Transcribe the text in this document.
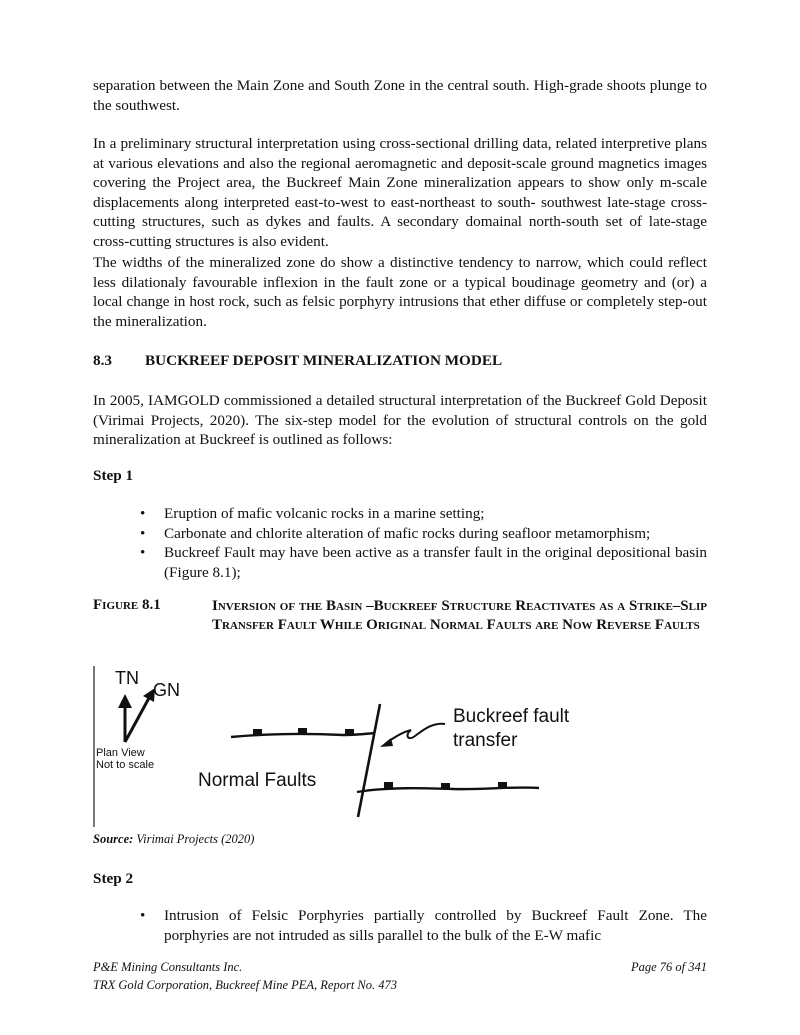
separation between the Main Zone and South Zone in the central south. High-grade shoots plunge to the southwest.

In a preliminary structural interpretation using cross-sectional drilling data, related interpretive plans at various elevations and also the regional aeromagnetic and deposit-scale ground magnetics images covering the Project area, the Buckreef Main Zone mineralization appears to show only m-scale displacements along interpreted east-to-west to east-northeast to south- southwest late-stage cross-cutting structures, such as dykes and faults. A secondary domainal north-south set of late-stage cross-cutting structures is also evident.

The widths of the mineralized zone do show a distinctive tendency to narrow, which could reflect less dilationaly favourable inflexion in the fault zone or a typical boudinage geometry and (or) a local change in host rock, such as felsic porphyry intrusions that ether diffuse or completely step-out the mineralization.

8.3 BUCKREEF DEPOSIT MINERALIZATION MODEL

In 2005, IAMGOLD commissioned a detailed structural interpretation of the Buckreef Gold Deposit (Virimai Projects, 2020). The six-step model for the evolution of structural controls on the gold mineralization at Buckreef is outlined as follows:

Step 1

• Eruption of mafic volcanic rocks in a marine setting;
• Carbonate and chlorite alteration of mafic rocks during seafloor metamorphism;
• Buckreef Fault may have been active as a transfer fault in the original depositional basin (Figure 8.1);
Figure 8.1	Inversion of the Basin –Buckreef Structure Reactivates as a Strike–Slip Transfer Fault While Original Normal Faults are Now Reverse Faults
TN
GN
Plan View
Not to scale
Buckreef fault
transfer
Normal Faults

Source: Virimai Projects (2020)

Step 2

• Intrusion of Felsic Porphyries partially controlled by Buckreef Fault Zone. The porphyries are not intruded as sills parallel to the bulk of the E-W mafic
P&E Mining Consultants Inc.
TRX Gold Corporation, Buckreef Mine PEA, Report No. 473
Page 76 of 341
